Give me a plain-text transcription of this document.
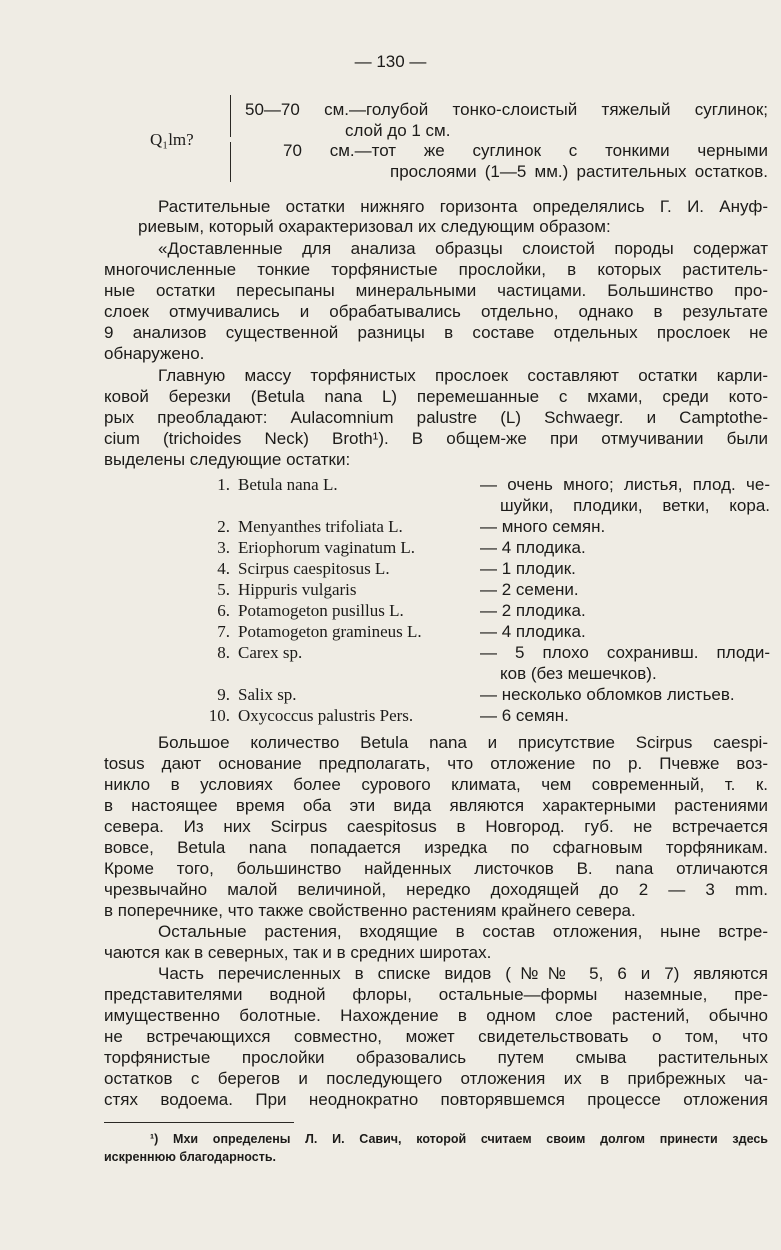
— 130 —
Q₁lm?
50—70 см.—голубой тонко-слоистый тяжелый суглинок;
слой до 1 см.
70 см.—тот же суглинок с тонкими черными
прослоями (1—5 мм.) растительных остатков.
Растительные остатки нижняго горизонта определялись Г. И. Ануф-
риевым, который охарактеризовал их следующим образом:
«Доставленные для анализа образцы слоистой породы содержат
многочисленные тонкие торфянистые прослойки, в которых раститель-
ные остатки пересыпаны минеральными частицами. Большинство про-
слоек отмучивались и обрабатывались отдельно, однако в результате
9 анализов существенной разницы в составе отдельных прослоек не
обнаружено.
Главную массу торфянистых прослоек составляют остатки карли-
ковой березки (Betula nana L) перемешанные с мхами, среди кото-
рых преобладают: Aulacomnium palustre (L) Schwaegr. и Camptothe-
cium (trichoides Neck) Broth¹). В общем-же при отмучивании были
выделены следующие остатки:
1. Betula nana L.	— очень много; листья, плод. че-
шуйки, плодики, ветки, кора.
2. Menyanthes trifoliata L.	— много семян.
3. Eriophorum vaginatum L.	— 4 плодика.
4. Scirpus caespitosus L.	— 1 плодик.
5. Hippuris vulgaris	— 2 семени.
6. Potamogeton pusillus L.	— 2 плодика.
7. Potamogeton gramineus L.	— 4 плодика.
8. Carex sp.	— 5 плохо сохранивш. плоди-
ков (без мешечков).
9. Salix sp.	— несколько обломков листьев.
10. Oxycoccus palustris Pers.	— 6 семян.
Большое количество Betula nana и присутствие Scirpus caespi-
tosus дают основание предполагать, что отложение по р. Пчевже воз-
никло в условиях более сурового климата, чем современный, т. к.
в настоящее время оба эти вида являются характерными растениями
севера. Из них Scirpus caespitosus в Новгород. губ. не встречается
вовсе, Betula nana попадается изредка по сфагновым торфяникам.
Кроме того, большинство найденных листочков B. nana отличаются
чрезвычайно малой величиной, нередко доходящей до 2 — 3 mm.
в поперечнике, что также свойственно растениям крайнего севера.
Остальные растения, входящие в состав отложения, ныне встре-
чаются как в северных, так и в средних широтах.
Часть перечисленных в списке видов (№№ 5, 6 и 7) являются
представителями водной флоры, остальные—формы наземные, пре-
имущественно болотные. Нахождение в одном слое растений, обычно
не встречающихся совместно, может свидетельствовать о том, что
торфянистые прослойки образовались путем смыва растительных
остатков с берегов и последующего отложения их в прибрежных ча-
стях водоема. При неоднократно повторявшемся процессе отложения
¹) Мхи определены Л. И. Савич, которой считаем своим долгом принести здесь
искреннюю благодарность.
